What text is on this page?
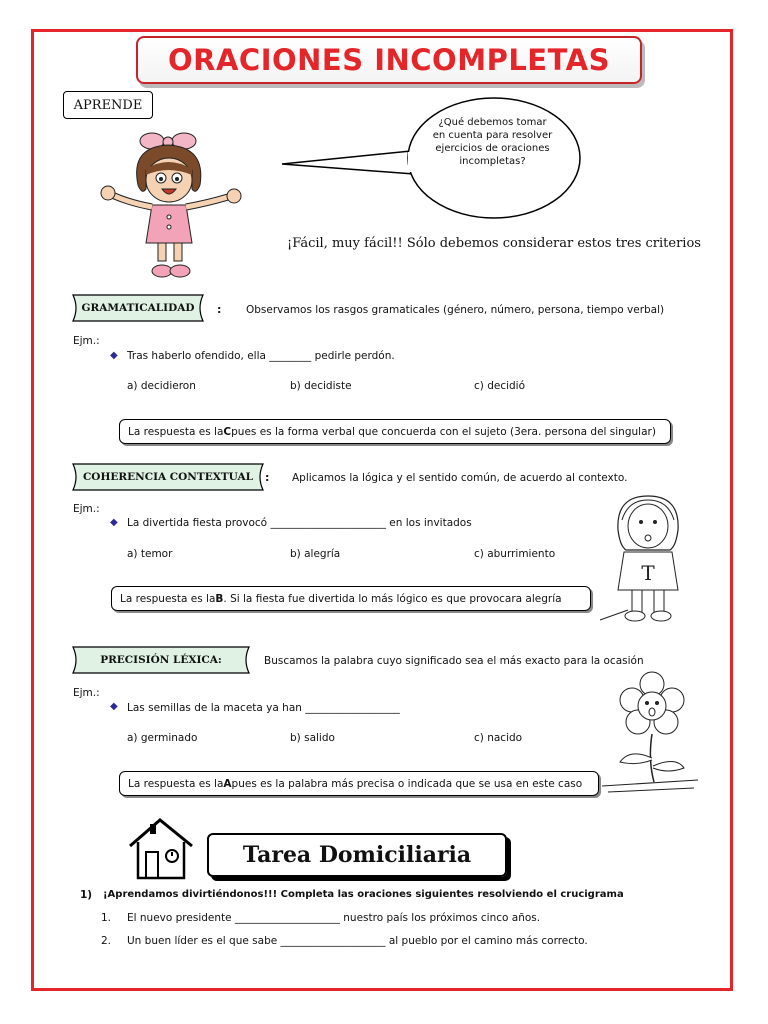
ORACIONES INCOMPLETAS
APRENDE
¿Qué debemos tomar
en cuenta para resolver
ejercicios de oraciones
incompletas?
¡Fácil, muy fácil!! Sólo debemos considerar estos tres criterios
GRAMATICALIDAD	: Observamos los rasgos gramaticales (género, número, persona, tiempo verbal)
Ejm.:
◆ Tras haberlo ofendido, ella ________ pedirle perdón.
a) decidieron	b) decidiste	c) decidió
La respuesta es la C pues es la forma verbal que concuerda con el sujeto (3era. persona del singular)
COHERENCIA CONTEXTUAL	: Aplicamos la lógica y el sentido común, de acuerdo al contexto.
Ejm.:
◆ La divertida fiesta provocó ______________________ en los invitados
a) temor	b) alegría	c) aburrimiento
La respuesta es la B . Si la fiesta fue divertida lo más lógico es que provocara alegría
T
PRECISIÓN LÉXICA:	Buscamos la palabra cuyo significado sea el más exacto para la ocasión
Ejm.:
◆ Las semillas de la maceta ya han __________________
a) germinado	b) salido	c) nacido
La respuesta es la A pues es la palabra más precisa o indicada que se usa en este caso
Tarea Domiciliaria
1) ¡Aprendamos divirtiéndonos!!! Completa las oraciones siguientes resolviendo el crucigrama
1. El nuevo presidente ____________________ nuestro país los próximos cinco años.
2. Un buen líder es el que sabe ____________________ al pueblo por el camino más correcto.
